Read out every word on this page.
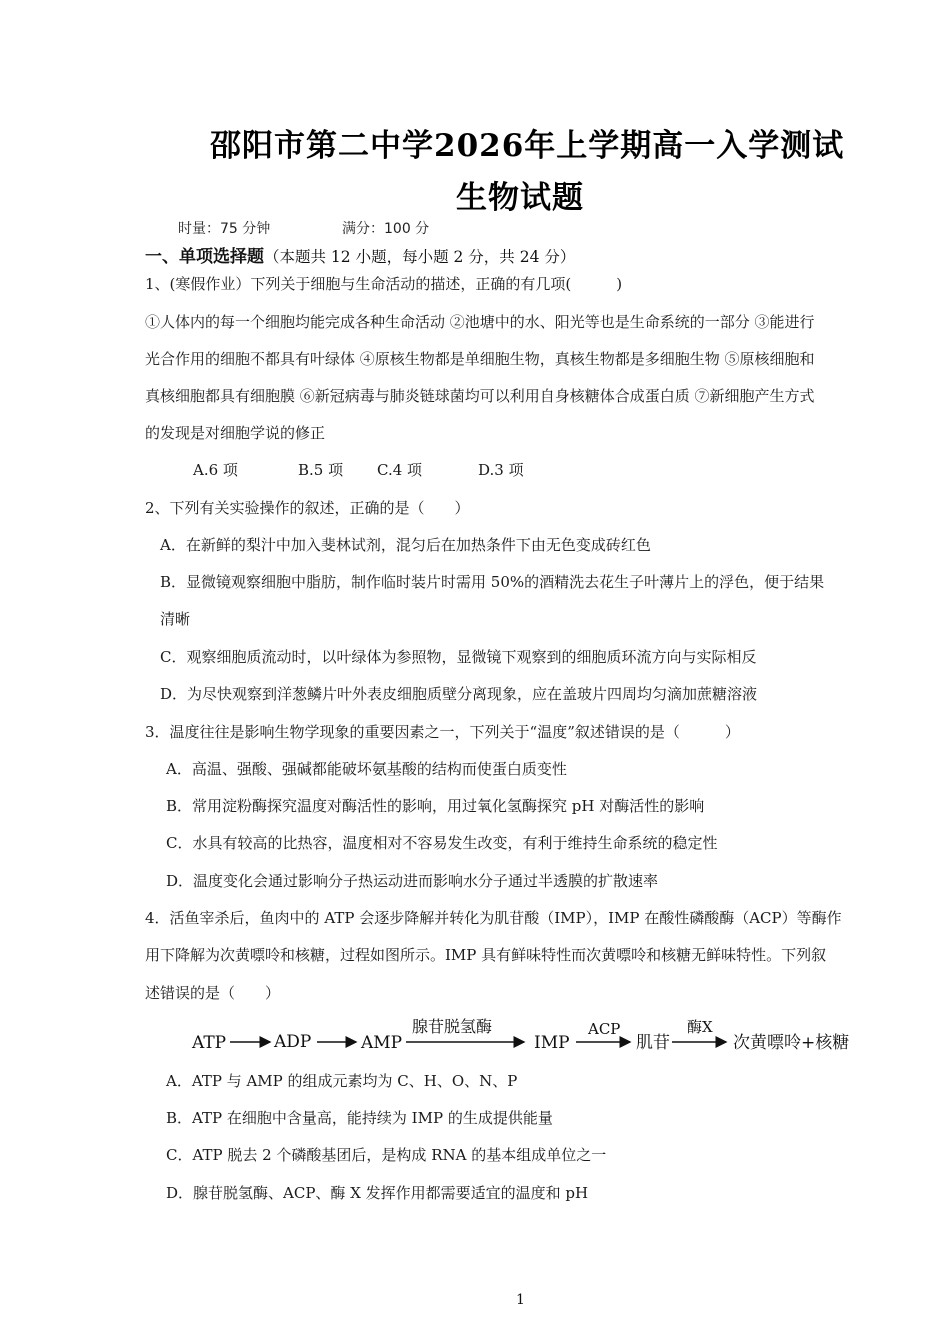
邵阳市第二中学2026年上学期高一入学测试
生物试题
时量：75 分钟	满分：100 分
一、单项选择题（本题共 12 小题，每小题 2 分，共 24 分）
1、(寒假作业）下列关于细胞与生命活动的描述，正确的有几项(　　　)
①人体内的每一个细胞均能完成各种生命活动 ②池塘中的水、阳光等也是生命系统的一部分 ③能进行
光合作用的细胞不都具有叶绿体 ④原核生物都是单细胞生物，真核生物都是多细胞生物 ⑤原核细胞和
真核细胞都具有细胞膜 ⑥新冠病毒与肺炎链球菌均可以利用自身核糖体合成蛋白质 ⑦新细胞产生方式
的发现是对细胞学说的修正
A.6 项	B.5 项 C.4 项	D.3 项
2、下列有关实验操作的叙述，正确的是（　　）
A．在新鲜的梨汁中加入斐林试剂，混匀后在加热条件下由无色变成砖红色
B．显微镜观察细胞中脂肪，制作临时装片时需用 50%的酒精洗去花生子叶薄片上的浮色，便于结果
清晰
C．观察细胞质流动时，以叶绿体为参照物，显微镜下观察到的细胞质环流方向与实际相反
D．为尽快观察到洋葱鳞片叶外表皮细胞质壁分离现象，应在盖玻片四周均匀滴加蔗糖溶液
3．温度往往是影响生物学现象的重要因素之一，下列关于“温度”叙述错误的是（　　　）
A．高温、强酸、强碱都能破坏氨基酸的结构而使蛋白质变性
B．常用淀粉酶探究温度对酶活性的影响，用过氧化氢酶探究 pH 对酶活性的影响
C．水具有较高的比热容，温度相对不容易发生改变，有利于维持生命系统的稳定性
D．温度变化会通过影响分子热运动进而影响水分子通过半透膜的扩散速率
4．活鱼宰杀后，鱼肉中的 ATP 会逐步降解并转化为肌苷酸（IMP），IMP 在酸性磷酸酶（ACP）等酶作
用下降解为次黄嘌呤和核糖，过程如图所示。IMP 具有鲜味特性而次黄嘌呤和核糖无鲜味特性。下列叙
述错误的是（　　）
ATP	ADP	AMP
腺苷脱氢酶
IMP
ACP
肌苷
酶X
次黄嘌呤+核糖
A．ATP 与 AMP 的组成元素均为 C、H、O、N、P
B．ATP 在细胞中含量高，能持续为 IMP 的生成提供能量
C．ATP 脱去 2 个磷酸基团后，是构成 RNA 的基本组成单位之一
D．腺苷脱氢酶、ACP、酶 X 发挥作用都需要适宜的温度和 pH
1
